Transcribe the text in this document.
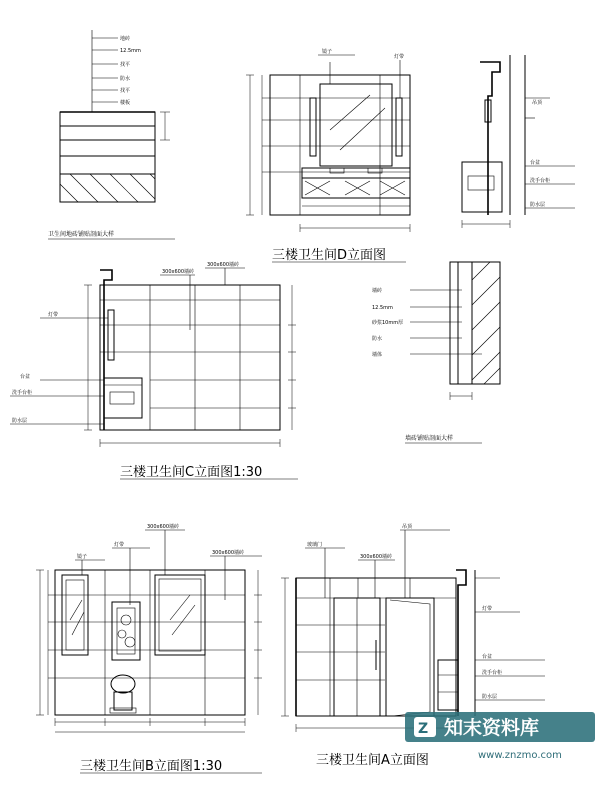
地砖
12.5mm
找平
防水
找平
楼板
卫生间地砖铺贴剖面大样
镜子
灯带
三楼卫生间D立面图
吊顶
台盆
洗手台柜
防水层
300x600墙砖
300x600墙砖
灯带
台盆
洗手台柜
防水层
三楼卫生间C立面图1:30
墙砖
12.5mm
砂浆10mm厚
防水
墙体
墙砖铺贴剖面大样
镜子
灯带
300x600墙砖
300x600墙砖
三楼卫生间B立面图1:30
玻璃门
300x600墙砖
吊顶
灯带
台盆
洗手台柜
防水层
三楼卫生间A立面图
Z 知末资料库
www.znzmo.com
